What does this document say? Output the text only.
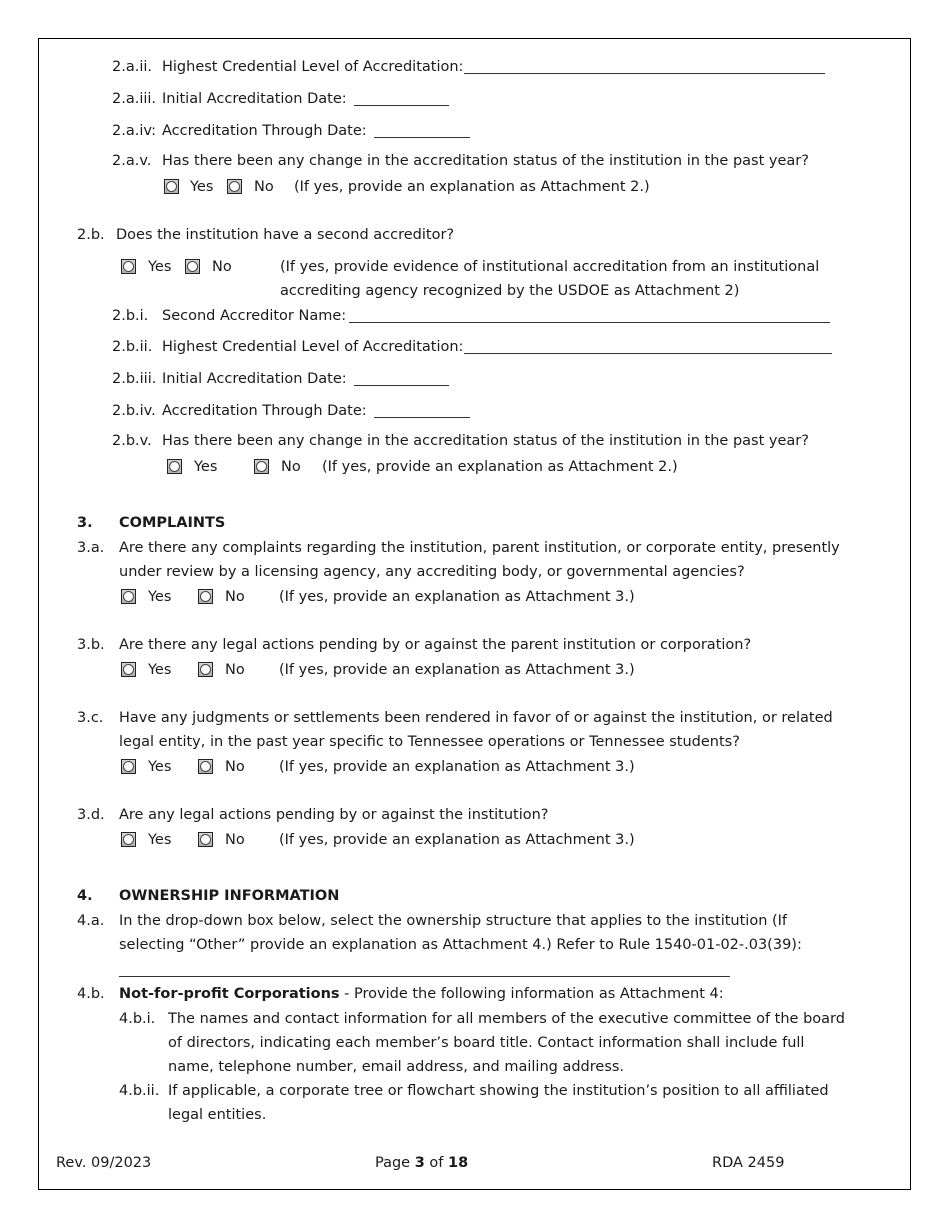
2.a.ii. Highest Credential Level of Accreditation:
2.a.iii. Initial Accreditation Date:
2.a.iv: Accreditation Through Date:
2.a.v. Has there been any change in the accreditation status of the institution in the past year?
Yes	No (If yes, provide an explanation as Attachment 2.)
2.b. Does the institution have a second accreditor?
Yes	No	(If yes, provide evidence of institutional accreditation from an institutional
accrediting agency recognized by the USDOE as Attachment 2)
2.b.i. Second Accreditor Name:
2.b.ii. Highest Credential Level of Accreditation:
2.b.iii. Initial Accreditation Date:
2.b.iv. Accreditation Through Date:
2.b.v. Has there been any change in the accreditation status of the institution in the past year?
Yes	No (If yes, provide an explanation as Attachment 2.)
3. COMPLAINTS
3.a. Are there any complaints regarding the institution, parent institution, or corporate entity, presently
under review by a licensing agency, any accrediting body, or governmental agencies?
Yes	No (If yes, provide an explanation as Attachment 3.)
3.b. Are there any legal actions pending by or against the parent institution or corporation?
Yes	No (If yes, provide an explanation as Attachment 3.)
3.c. Have any judgments or settlements been rendered in favor of or against the institution, or related
legal entity, in the past year specific to Tennessee operations or Tennessee students?
Yes	No (If yes, provide an explanation as Attachment 3.)
3.d. Are any legal actions pending by or against the institution?
Yes	No (If yes, provide an explanation as Attachment 3.)
4. OWNERSHIP INFORMATION
4.a. In the drop-down box below, select the ownership structure that applies to the institution (If
selecting “Other” provide an explanation as Attachment 4.) Refer to Rule 1540-01-02-.03(39):
4.b. Not-for-profit Corporations - Provide the following information as Attachment 4:
4.b.i. The names and contact information for all members of the executive committee of the board of directors, indicating each member’s board title. Contact information shall include full name, telephone number, email address, and mailing address.
4.b.ii. If applicable, a corporate tree or flowchart showing the institution’s position to all affiliated legal entities.
Rev. 09/2023	Page 3 of 18	RDA 2459
